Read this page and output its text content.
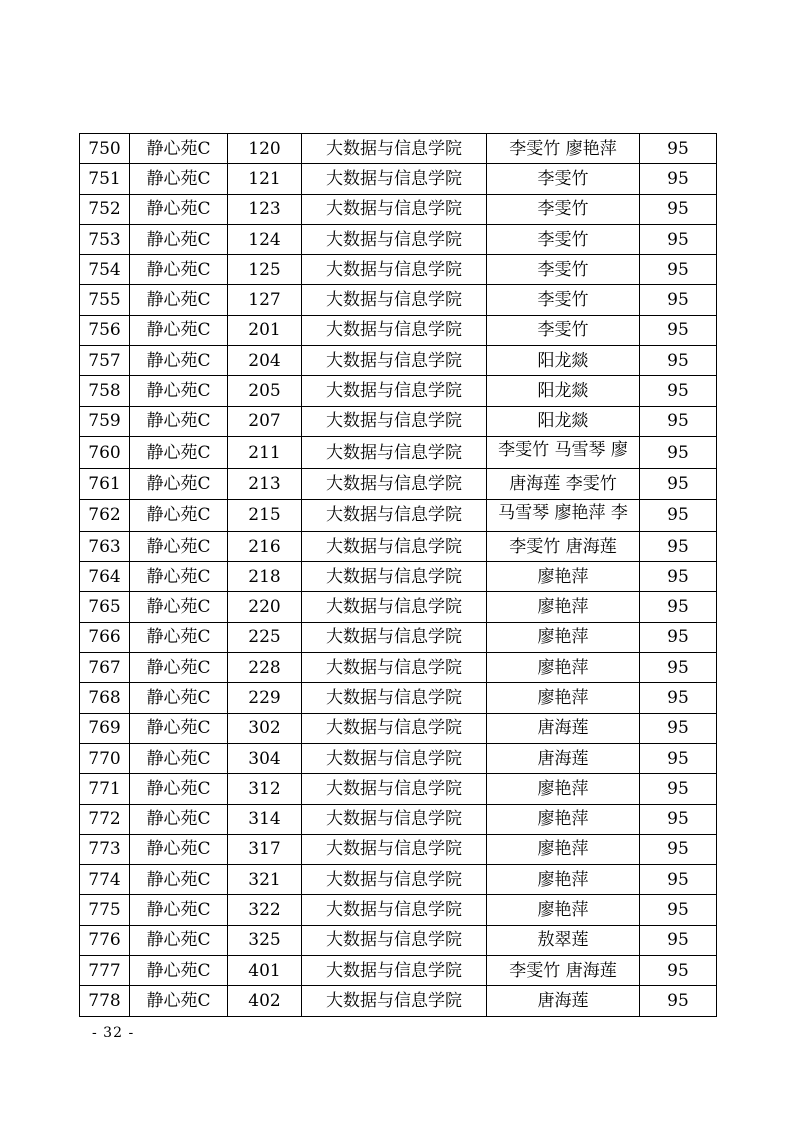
750	静心苑C	120	大数据与信息学院	李雯竹 廖艳萍	95
751	静心苑C	121	大数据与信息学院	李雯竹	95
752	静心苑C	123	大数据与信息学院	李雯竹	95
753	静心苑C	124	大数据与信息学院	李雯竹	95
754	静心苑C	125	大数据与信息学院	李雯竹	95
755	静心苑C	127	大数据与信息学院	李雯竹	95
756	静心苑C	201	大数据与信息学院	李雯竹	95
757	静心苑C	204	大数据与信息学院	阳龙燚	95
758	静心苑C	205	大数据与信息学院	阳龙燚	95
759	静心苑C	207	大数据与信息学院	阳龙燚	95
760	静心苑C	211	大数据与信息学院	李雯竹 马雪琴 廖	95
761	静心苑C	213	大数据与信息学院	唐海莲 李雯竹	95
762	静心苑C	215	大数据与信息学院	马雪琴 廖艳萍 李	95
763	静心苑C	216	大数据与信息学院	李雯竹 唐海莲	95
764	静心苑C	218	大数据与信息学院	廖艳萍	95
765	静心苑C	220	大数据与信息学院	廖艳萍	95
766	静心苑C	225	大数据与信息学院	廖艳萍	95
767	静心苑C	228	大数据与信息学院	廖艳萍	95
768	静心苑C	229	大数据与信息学院	廖艳萍	95
769	静心苑C	302	大数据与信息学院	唐海莲	95
770	静心苑C	304	大数据与信息学院	唐海莲	95
771	静心苑C	312	大数据与信息学院	廖艳萍	95
772	静心苑C	314	大数据与信息学院	廖艳萍	95
773	静心苑C	317	大数据与信息学院	廖艳萍	95
774	静心苑C	321	大数据与信息学院	廖艳萍	95
775	静心苑C	322	大数据与信息学院	廖艳萍	95
776	静心苑C	325	大数据与信息学院	敖翠莲	95
777	静心苑C	401	大数据与信息学院	李雯竹 唐海莲	95
778	静心苑C	402	大数据与信息学院	唐海莲	95
- 32 -
